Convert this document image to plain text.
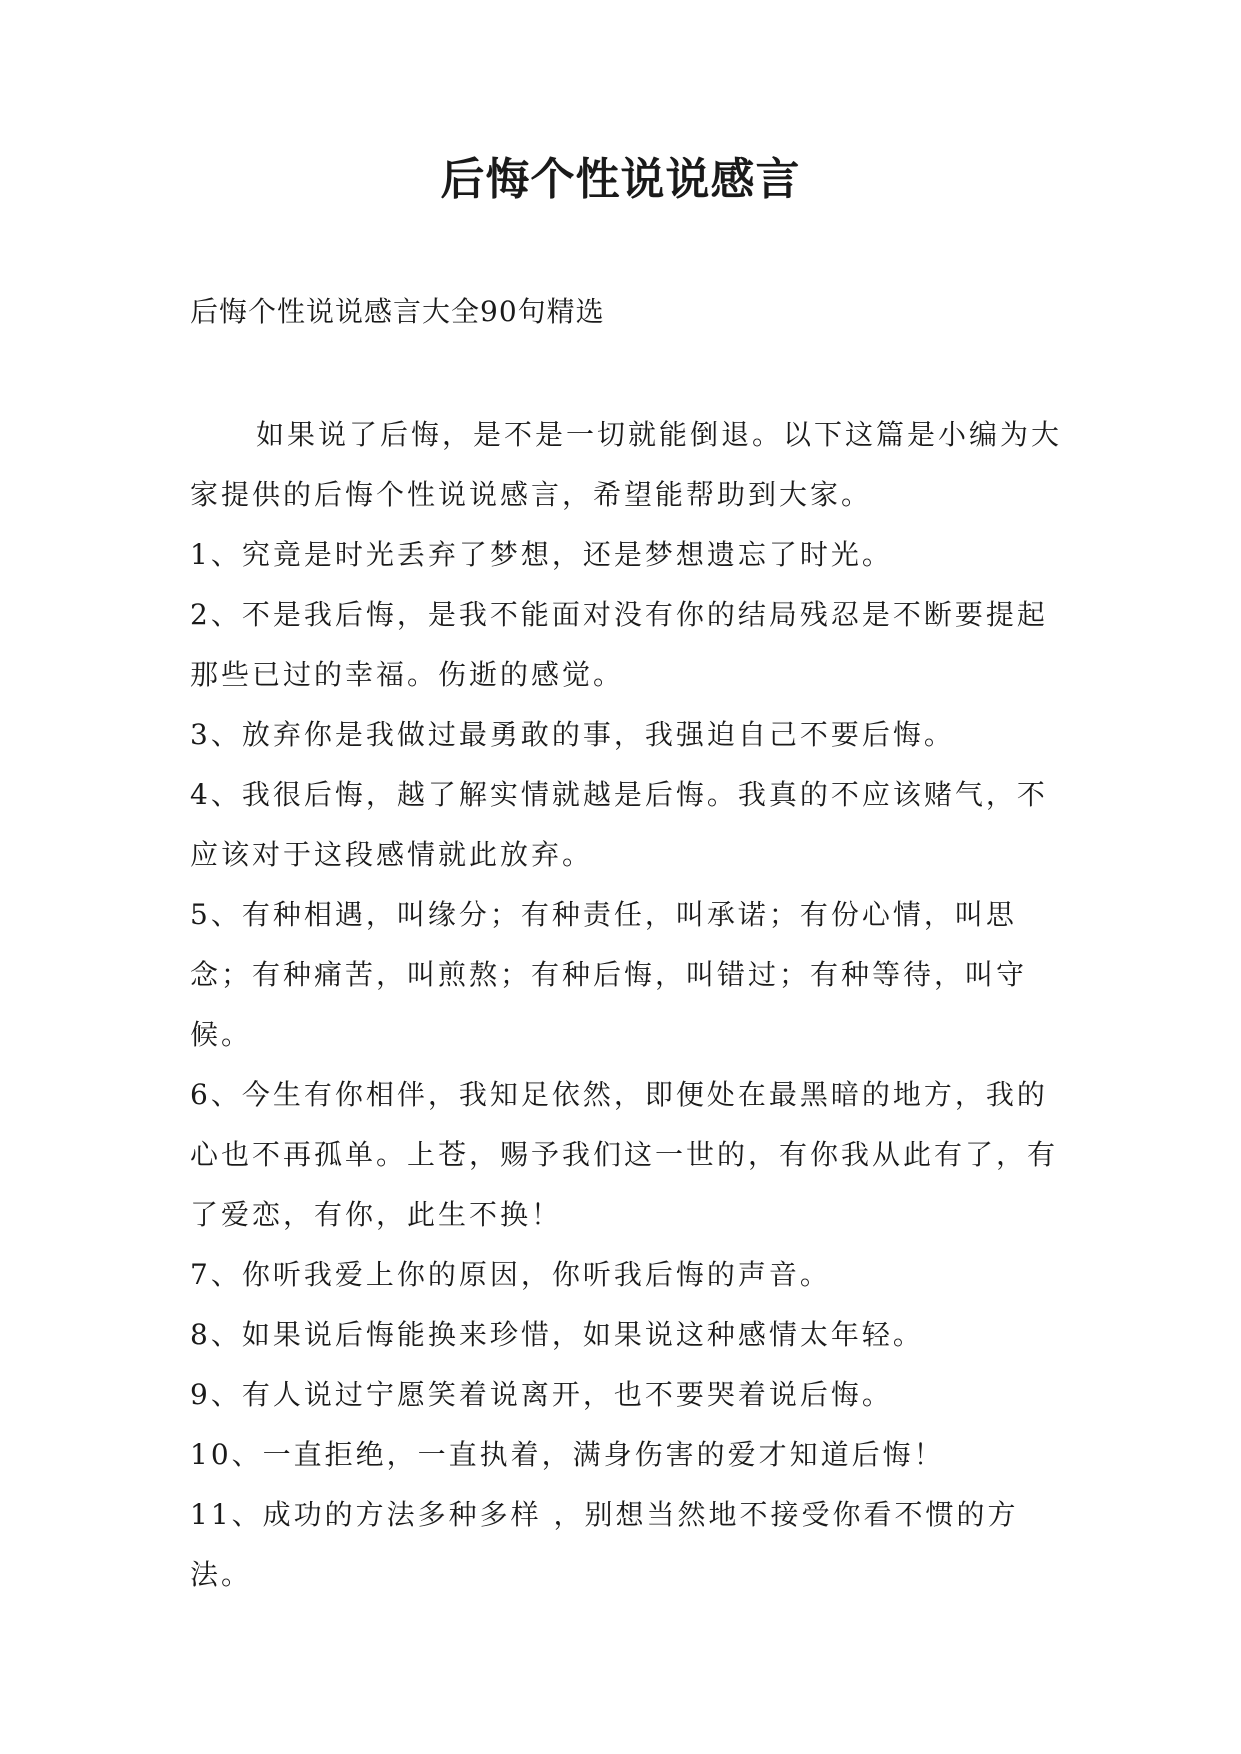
后悔个性说说感言
后悔个性说说感言大全90句精选

如果说了后悔，是不是一切就能倒退。以下这篇是小编为大家提供的后悔个性说说感言，希望能帮助到大家。

1、究竟是时光丢弃了梦想，还是梦想遗忘了时光。

2、不是我后悔，是我不能面对没有你的结局残忍是不断要提起那些已过的幸福。伤逝的感觉。

3、放弃你是我做过最勇敢的事，我强迫自己不要后悔。

4、我很后悔，越了解实情就越是后悔。我真的不应该赌气，不应该对于这段感情就此放弃。

5、有种相遇，叫缘分；有种责任，叫承诺；有份心情，叫思念；有种痛苦，叫煎熬；有种后悔，叫错过；有种等待，叫守候。

6、今生有你相伴，我知足依然，即便处在最黑暗的地方，我的心也不再孤单。上苍，赐予我们这一世的，有你我从此有了，有了爱恋，有你，此生不换！

7、你听我爱上你的原因，你听我后悔的声音。

8、如果说后悔能换来珍惜，如果说这种感情太年轻。

9、有人说过宁愿笑着说离开，也不要哭着说后悔。

10、一直拒绝，一直执着，满身伤害的爱才知道后悔！

11、成功的方法多种多样 ，别想当然地不接受你看不惯的方法。
